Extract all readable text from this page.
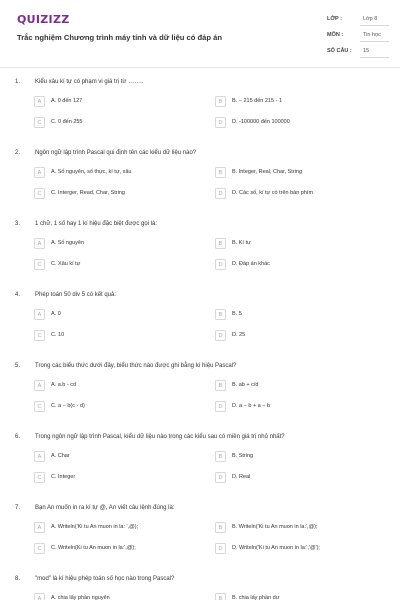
QUIZIZZ
Trắc nghiệm Chương trình máy tính và dữ liệu có đáp án
LỚP :	Lớp 8
MÔN :	Tin học
SỐ CÂU : 15
1. Kiểu xâu kí tự có phạm vi giá trị từ ……..
A	A. 0 đến 127	B	B. − 215 đến 215 - 1
C	C. 0 đến 255	D	D. -100000 đến 100000
2. Ngôn ngữ lập trình Pascal qui định tên các kiểu dữ liệu nào?
A	A. Số nguyên, số thực, kí tự, xâu	B	B. Integer, Real, Char, String
C	C. Interger, Read, Char, String	D	D. Các số, kí tự có trên bàn phím
3. 1 chữ, 1 số hay 1 kí hiệu đặc biệt được gọi là:
A	A. Số nguyên	B	B. Kí tự
C	C. Xâu kí tự	D	D. Đáp án khác
4. Phép toán 50 div 5 có kết quả:
A	A. 0	B	B. 5
C	C. 10	D	D. 25
5. Trong các biểu thức dưới đây, biểu thức nào được ghi bằng kí hiệu Pascal?
A	A. a.b - cd	B	B. ab + c/d
C	C. a − b(c - d)	D	D. a − b + a − b
6. Trong ngôn ngữ lập trình Pascal, kiểu dữ liệu nào trong các kiểu sau có miền giá trị nhỏ nhất?
A	A. Char	B	B. String
C	C. Integer	D	D. Real
7. Bạn An muốn in ra kí tự @, An viết câu lệnh đúng là:
A	A. Writeln('Ki tu An muon in la: ',@);	B	B. Writeln('Ki tu An muon in la:',@);
C	C. Writeln(Ki tu An muon in la:',@);	D	D. Writeln('Ki tu An muon in la:','@');
8. "mod" là kí hiệu phép toán số học nào trong Pascal?
A	A. chia lấy phần nguyên	B	B. chia lấy phần dư
